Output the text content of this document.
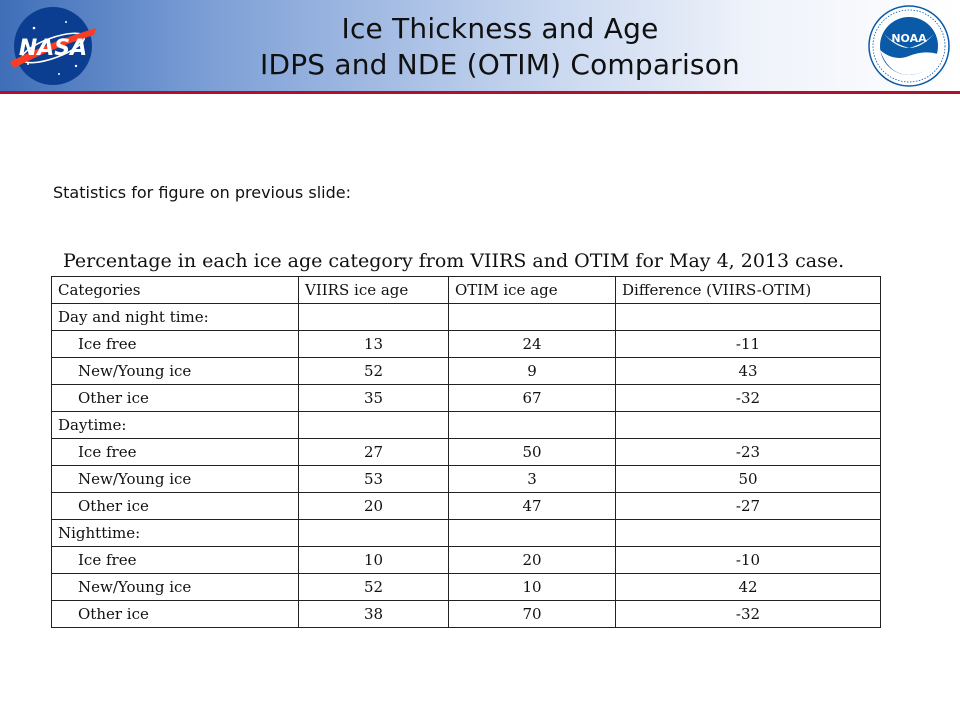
NASA	NOAA
Ice Thickness and Age
IDPS and NDE (OTIM) Comparison
Statistics for figure on previous slide:
Percentage in each ice age category from VIIRS and OTIM for May 4, 2013 case.
Categories	VIIRS ice age	OTIM ice age	Difference (VIIRS-OTIM)
Day and night time:			
Ice free	13	24	-11
New/Young ice	52	9	43
Other ice	35	67	-32
Daytime:			
Ice free	27	50	-23
New/Young ice	53	3	50
Other ice	20	47	-27
Nighttime:			
Ice free	10	20	-10
New/Young ice	52	10	42
Other ice	38	70	-32
